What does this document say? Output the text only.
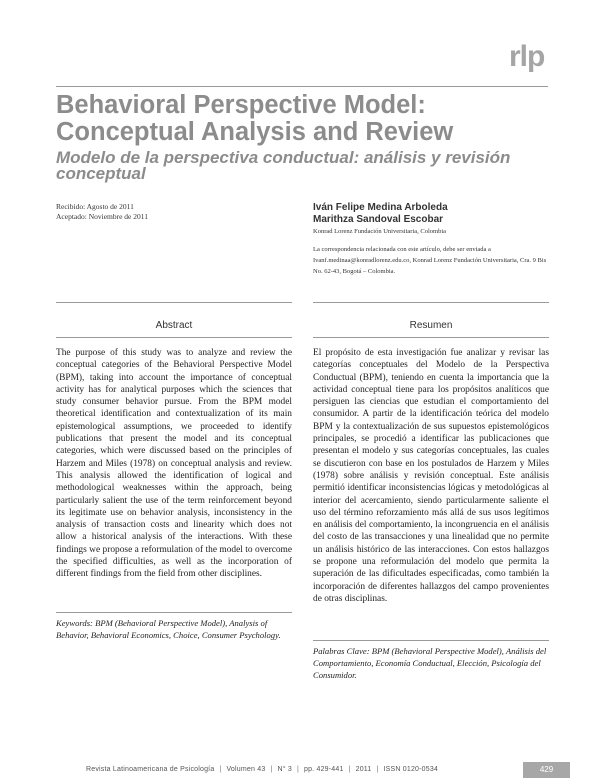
rlp
Behavioral Perspective Model: Conceptual Analysis and Review
Modelo de la perspectiva conductual: análisis y revisión conceptual
Recibido: Agosto de 2011
Aceptado: Noviembre de 2011
Iván Felipe Medina Arboleda
Marithza Sandoval Escobar
Konrad Lorenz Fundación Universitaria, Colombia
La correspondencia relacionada con este artículo, debe ser enviada a Ivanf.medinaa@konradlorenz.edu.co, Konrad Lorenz Fundación Universitaria, Cra. 9 Bis No. 62-43, Bogotá – Colombia.
Abstract
The purpose of this study was to analyze and review the conceptual categories of the Behavioral Perspective Model (BPM), taking into account the importance of conceptual activity has for analytical purposes which the sciences that study consumer behavior pursue. From the BPM model theoretical identification and contextualization of its main epistemological assumptions, we proceeded to identify publications that present the model and its conceptual categories, which were discussed based on the principles of Harzem and Miles (1978) on conceptual analysis and review. This analysis allowed the identification of logical and methodological weaknesses within the approach, being particularly salient the use of the term reinforcement beyond its legitimate use on behavior analysis, inconsistency in the analysis of transaction costs and linearity which does not allow a historical analysis of the interactions. With these findings we propose a reformulation of the model to overcome the specified difficulties, as well as the incorporation of different findings from the field from other disciplines.
Keywords: BPM (Behavioral Perspective Model), Analysis of Behavior, Behavioral Economics, Choice, Consumer Psychology.
Resumen
El propósito de esta investigación fue analizar y revisar las categorías conceptuales del Modelo de la Perspectiva Conductual (BPM), teniendo en cuenta la importancia que la actividad conceptual tiene para los propósitos analíticos que persiguen las ciencias que estudian el comportamiento del consumidor. A partir de la identificación teórica del modelo BPM y la contextualización de sus supuestos epistemológicos principales, se procedió a identificar las publicaciones que presentan el modelo y sus categorías conceptuales, las cuales se discutieron con base en los postulados de Harzem y Miles (1978) sobre análisis y revisión conceptual. Este análisis permitió identificar inconsistencias lógicas y metodológicas al interior del acercamiento, siendo particularmente saliente el uso del término reforzamiento más allá de sus usos legítimos en análisis del comportamiento, la incongruencia en el análisis del costo de las transacciones y una linealidad que no permite un análisis histórico de las interacciones. Con estos hallazgos se propone una reformulación del modelo que permita la superación de las dificultades especificadas, como también la incorporación de diferentes hallazgos del campo provenientes de otras disciplinas.
Palabras Clave: BPM (Behavioral Perspective Model), Análisis del Comportamiento, Economía Conductual, Elección, Psicología del Consumidor.
Revista Latinoamericana de Psicología | Volumen 43 | N° 3 | pp. 429-441 | 2011 | ISSN 0120-0534	429
